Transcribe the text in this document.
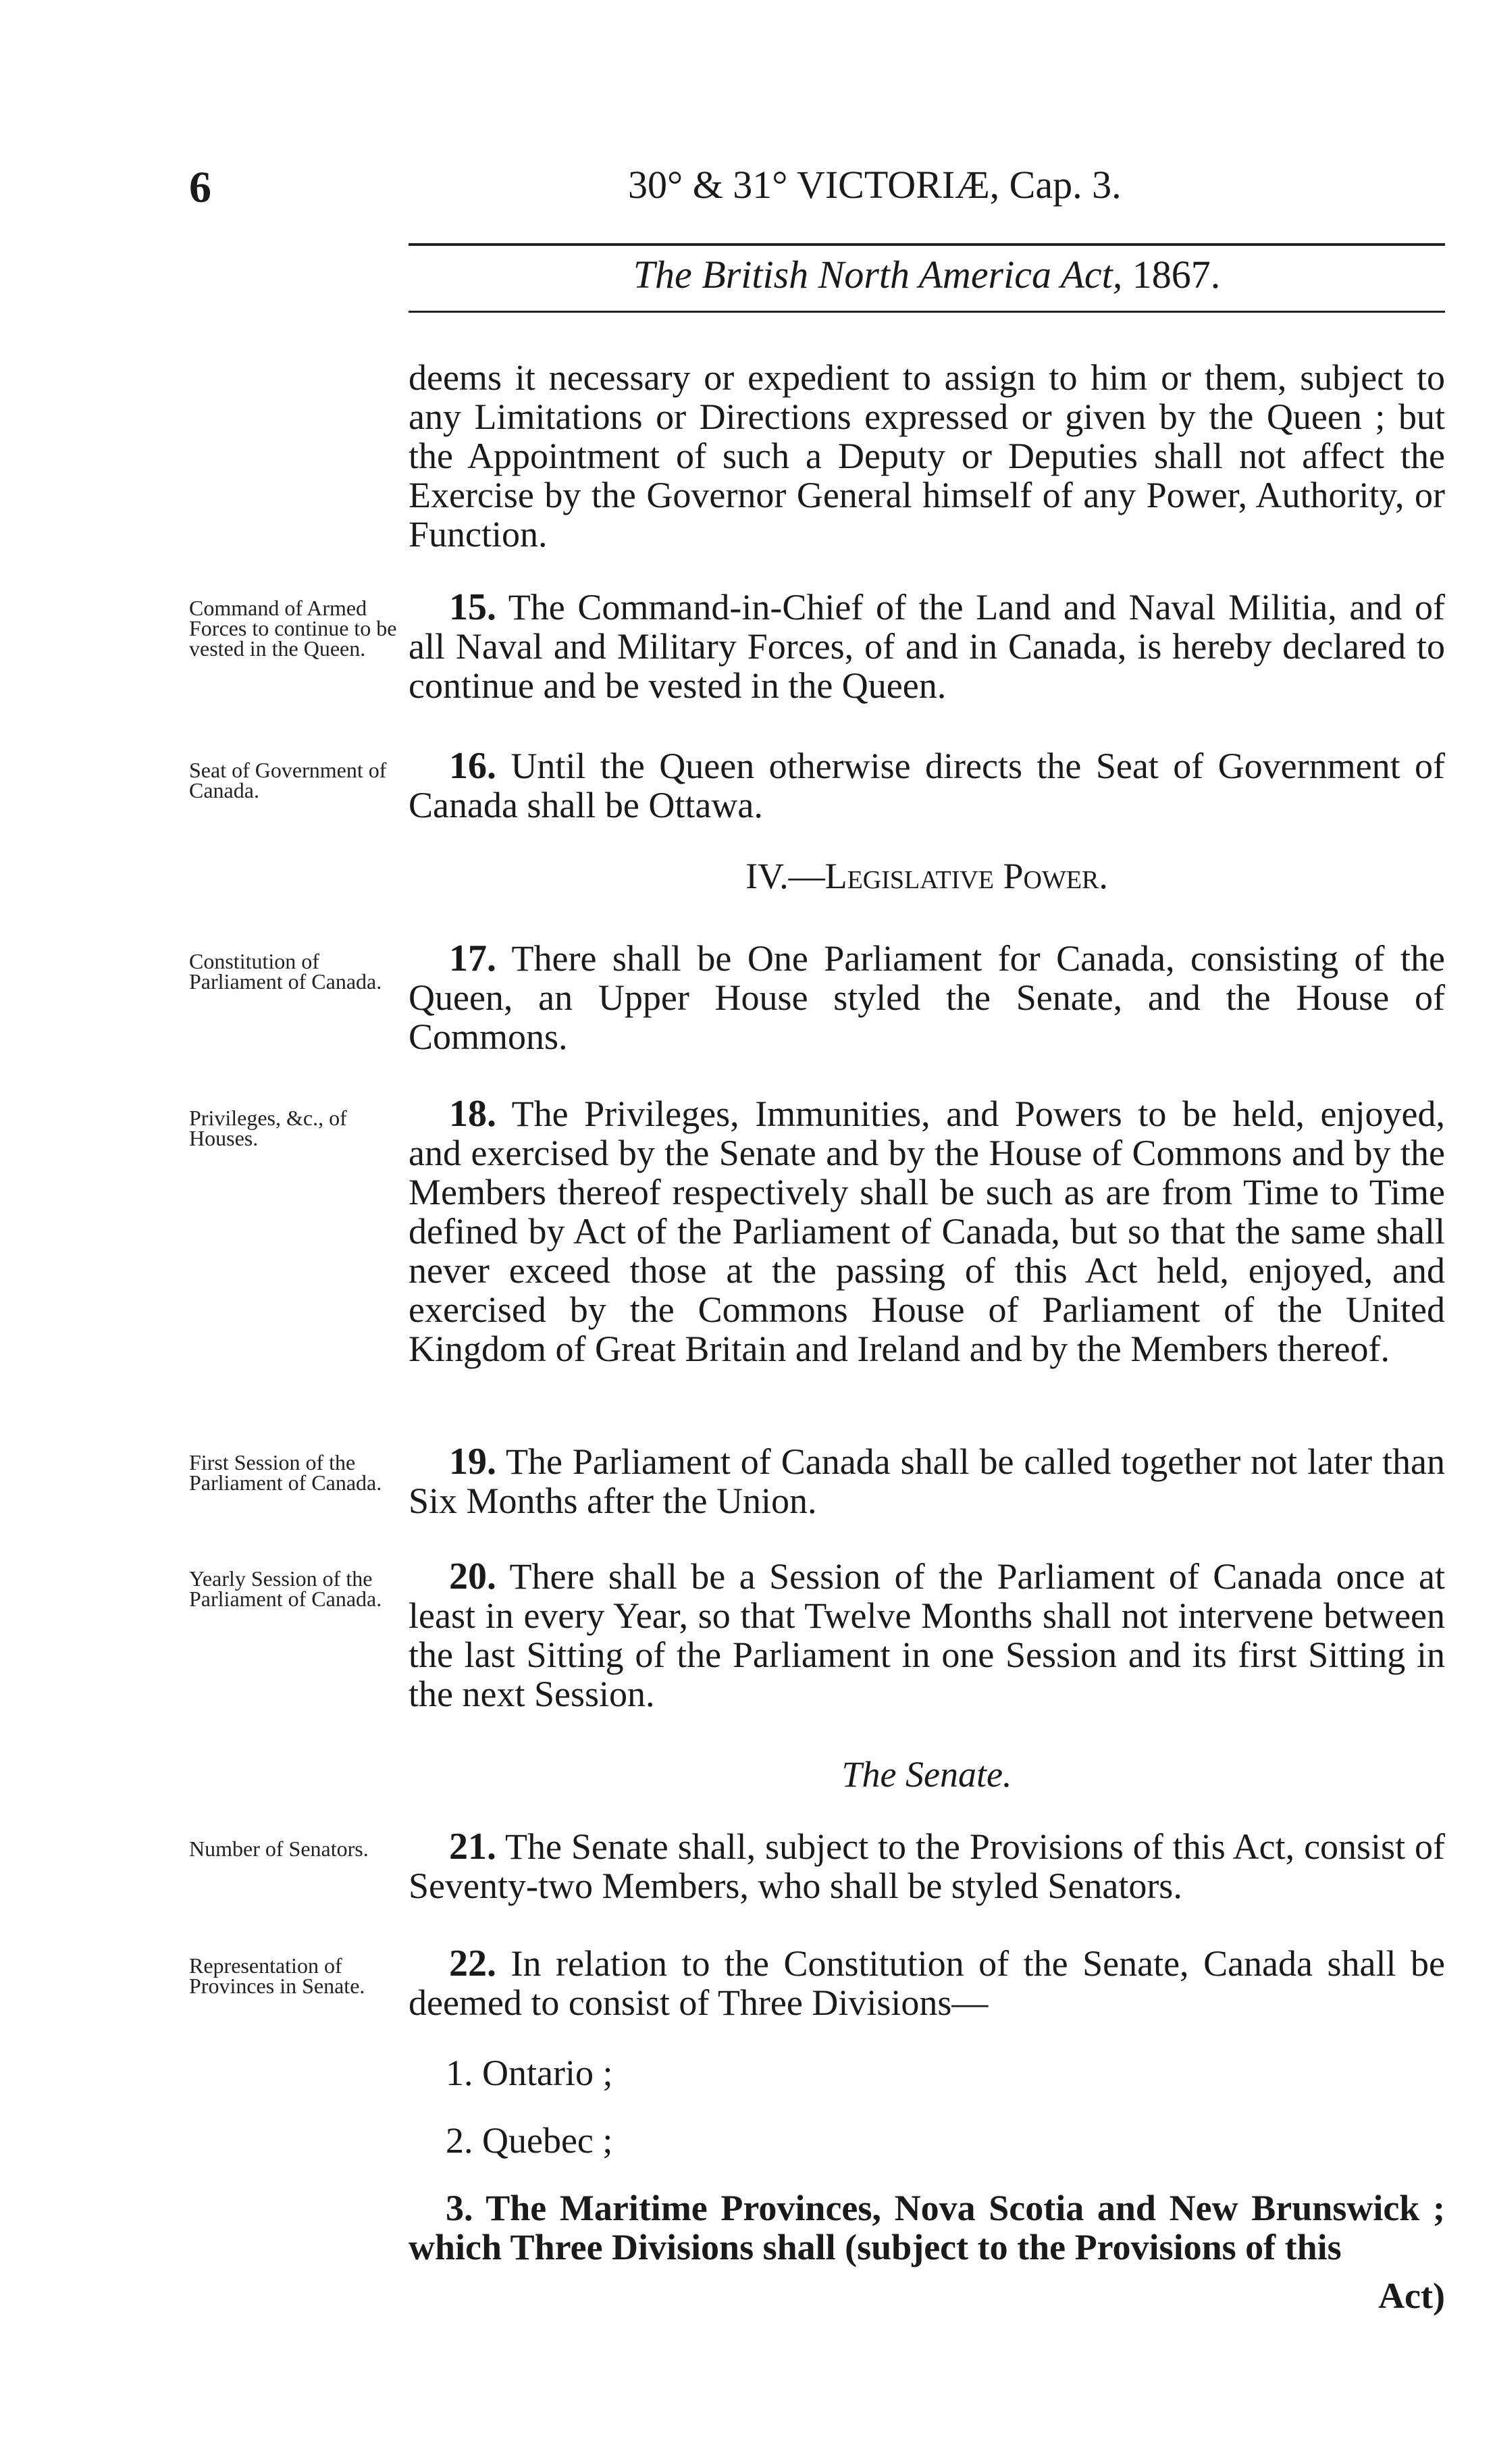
6	30° & 31° VICTORIÆ, Cap. 3.
The British North America Act, 1867.
deems it necessary or expedient to assign to him or them, subject to any Limitations or Directions expressed or given by the Queen ; but the Appointment of such a Deputy or Deputies shall not affect the Exercise by the Governor General himself of any Power, Authority, or Function.
Command of Armed Forces to continue to be vested in the Queen.
15. The Command-in-Chief of the Land and Naval Militia, and of all Naval and Military Forces, of and in Canada, is hereby declared to continue and be vested in the Queen.
Seat of Government of Canada.
16. Until the Queen otherwise directs the Seat of Government of Canada shall be Ottawa.
IV.—Legislative Power.
Constitution of Parliament of Canada.
17. There shall be One Parliament for Canada, consisting of the Queen, an Upper House styled the Senate, and the House of Commons.
Privileges, &c., of Houses.
18. The Privileges, Immunities, and Powers to be held, enjoyed, and exercised by the Senate and by the House of Commons and by the Members thereof respectively shall be such as are from Time to Time defined by Act of the Parliament of Canada, but so that the same shall never exceed those at the passing of this Act held, enjoyed, and exercised by the Commons House of Parliament of the United Kingdom of Great Britain and Ireland and by the Members thereof.
First Session of the Parliament of Canada.	19. The Parliament of Canada shall be called together not later than Six Months after the Union.
Yearly Session of the Parliament of Canada.
20. There shall be a Session of the Parliament of Canada once at least in every Year, so that Twelve Months shall not intervene between the last Sitting of the Parliament in one Session and its first Sitting in the next Session.
The Senate.
Number of Senators.	21. The Senate shall, subject to the Provisions of this Act, consist of Seventy-two Members, who shall be styled Senators.
Representation of Provinces in Senate.
22. In relation to the Constitution of the Senate, Canada shall be deemed to consist of Three Divisions—
1. Ontario ;
2. Quebec ;
3. The Maritime Provinces, Nova Scotia and New Brunswick ; which Three Divisions shall (subject to the Provisions of this
Act)
